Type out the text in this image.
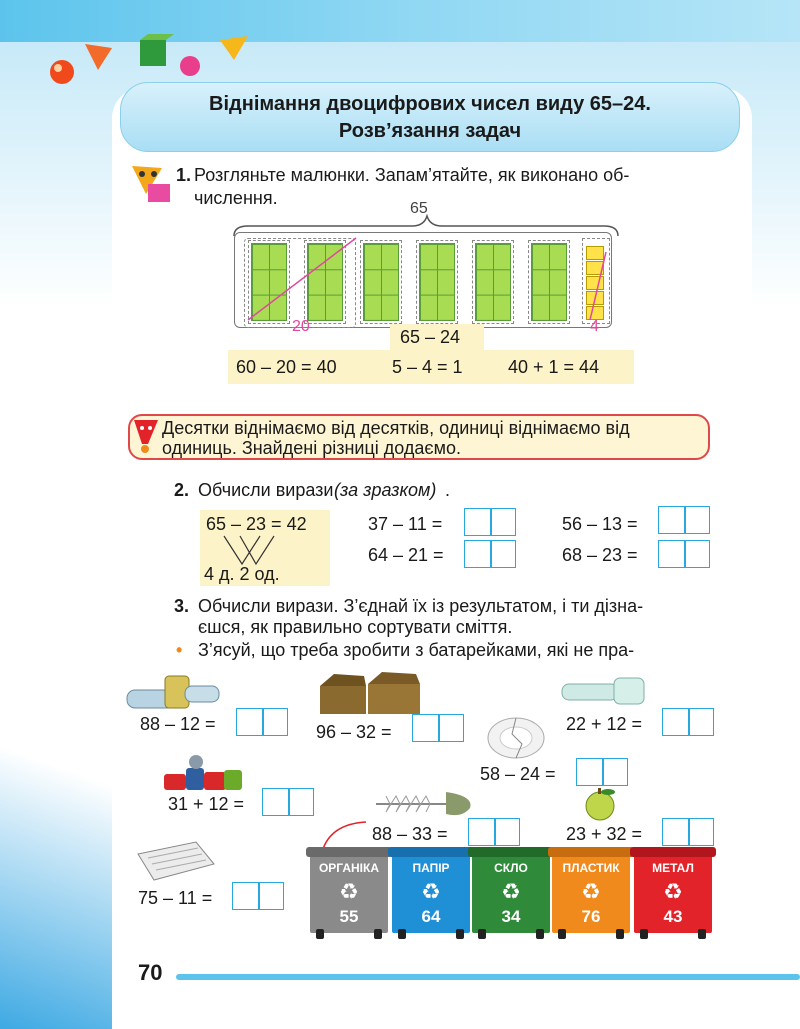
Віднімання двоцифрових чисел виду 65–24.
Розв’язання задач
1. Розгляньте малюнки. Запам’ятайте, як виконано об-
числення.
65
20	4
65 – 24
60 – 20 = 40	5 – 4 = 1	40 + 1 = 44
Десятки віднімаємо від десятків, одиниці віднімаємо від
одиниць. Знайдені різниці додаємо.
2. Обчисли вирази (за зразком) .
65 – 23 = 42
4 д. 2 од.
37 – 11 =
64 – 21 =
56 – 13 =
68 – 23 =
3. Обчисли вирази. З’єднай їх із результатом, і ти дізна-
єшся, як правильно сортувати сміття.
• З’ясуй, що треба зробити з батарейками, які не пра-
88 – 12 =	96 – 32 =	22 + 12 =
58 – 24 =
31 + 12 =
88 – 33 =	23 + 32 =
75 – 11 =
ОРГАНІКА
♻
55
ПАПІР
♻
64
СКЛО
♻
34
ПЛАСТИК
♻
76
МЕТАЛ
♻
43
70
